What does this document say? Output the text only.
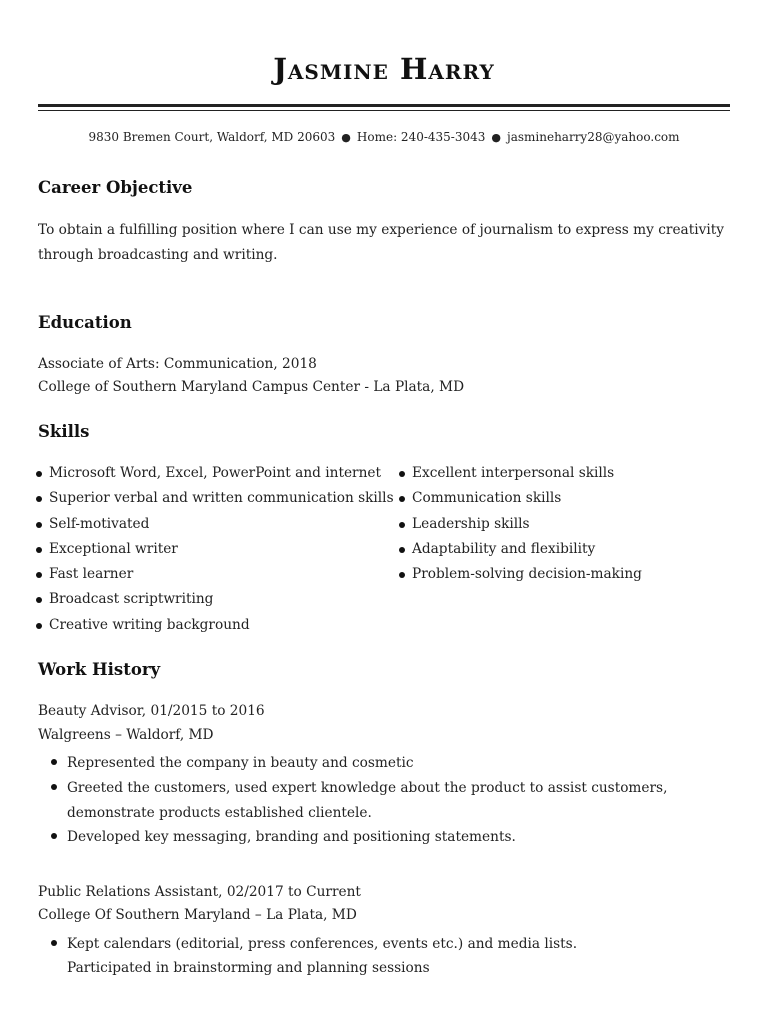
Jasmine Harry
9830 Bremen Court, Waldorf, MD 20603 ● Home: 240-435-3043 ● jasmineharry28@yahoo.com
Career Objective
To obtain a fulfilling position where I can use my experience of journalism to express my creativity through broadcasting and writing.
Education
Associate of Arts: Communication, 2018
College of Southern Maryland Campus Center - La Plata, MD
Skills
Microsoft Word, Excel, PowerPoint and internet
Superior verbal and written communication skills
Self-motivated
Exceptional writer
Fast learner
Broadcast scriptwriting
Creative writing background
Excellent interpersonal skills
Communication skills
Leadership skills
Adaptability and flexibility
Problem-solving decision-making
Work History
Beauty Advisor, 01/2015 to 2016
Walgreens – Waldorf, MD
Represented the company in beauty and cosmetic
Greeted the customers, used expert knowledge about the product to assist customers, demonstrate products established clientele.
Developed key messaging, branding and positioning statements.
Public Relations Assistant, 02/2017 to Current
College Of Southern Maryland – La Plata, MD
Kept calendars (editorial, press conferences, events etc.) and media lists.
Participated in brainstorming and planning sessions
